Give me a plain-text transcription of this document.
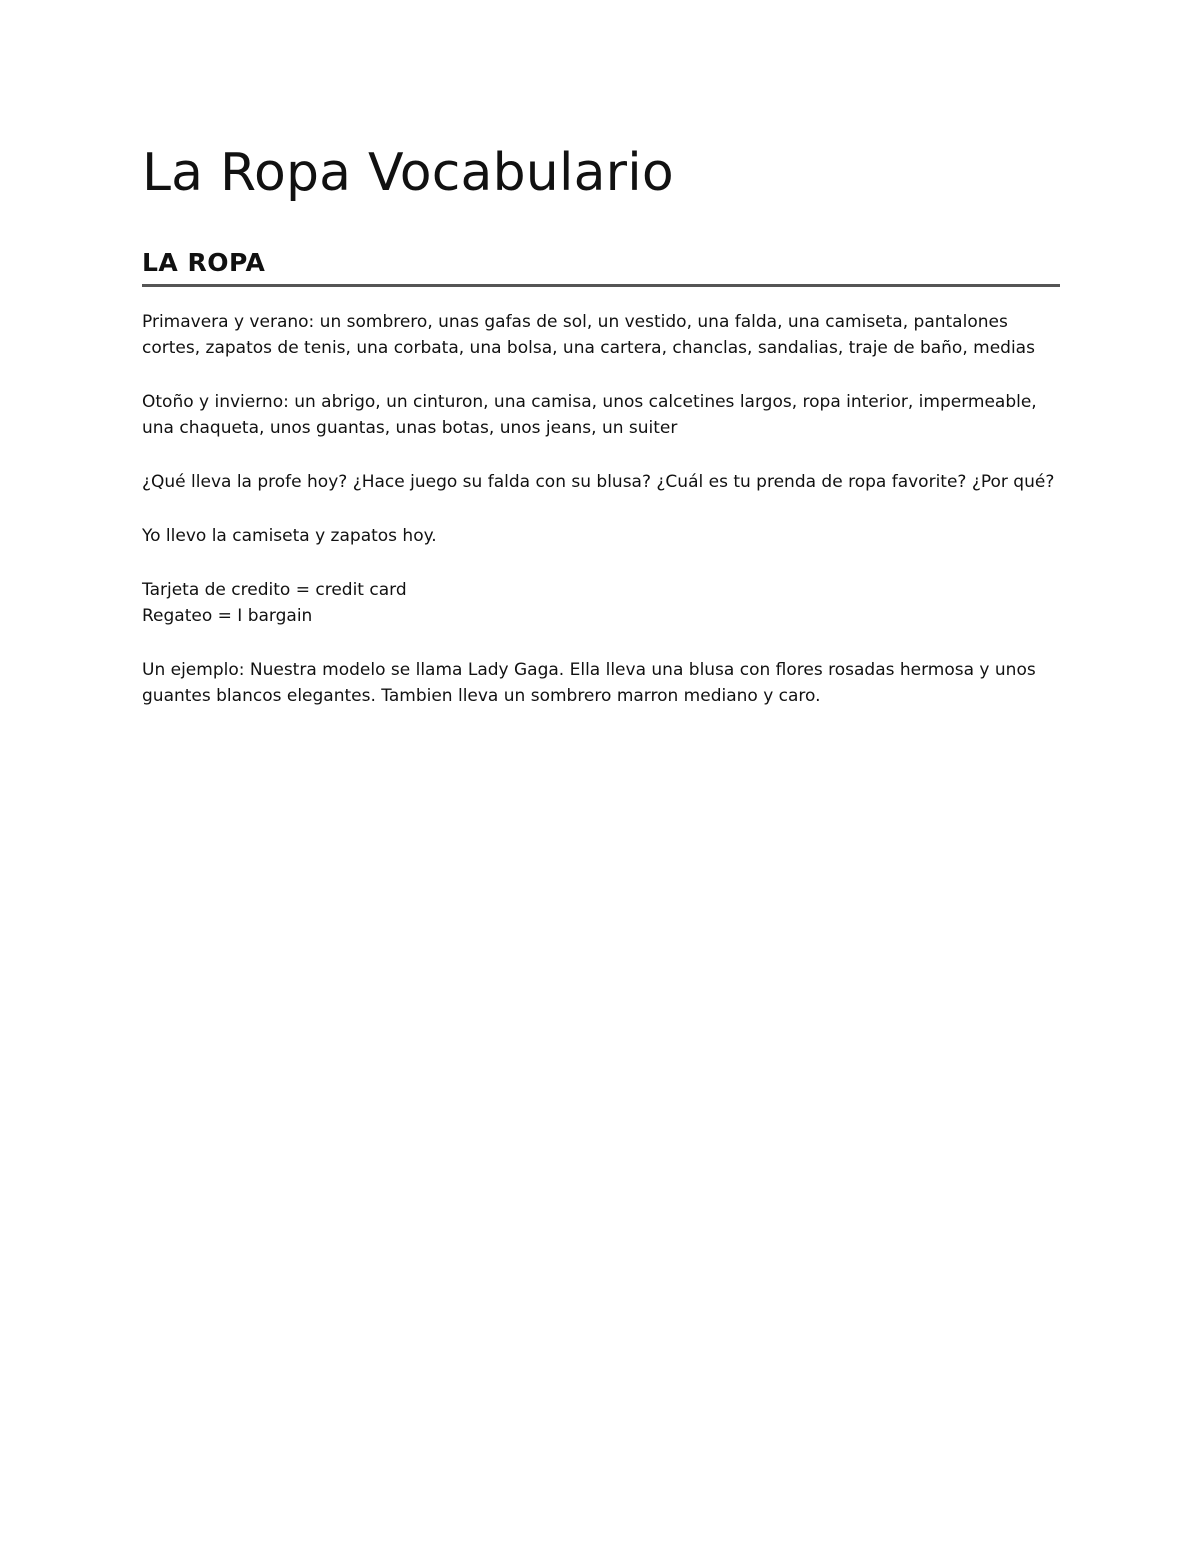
La Ropa Vocabulario
LA ROPA

Primavera y verano: un sombrero, unas gafas de sol, un vestido, una falda, una camiseta, pantalones cortes, zapatos de tenis, una corbata, una bolsa, una cartera, chanclas, sandalias, traje de baño, medias

Otoño y invierno: un abrigo, un cinturon, una camisa, unos calcetines largos, ropa interior, impermeable, una chaqueta, unos guantas, unas botas, unos jeans, un suiter

¿Qué lleva la profe hoy? ¿Hace juego su falda con su blusa? ¿Cuál es tu prenda de ropa favorite? ¿Por qué?

Yo llevo la camiseta y zapatos hoy.

Tarjeta de credito = credit card
Regateo = I bargain

Un ejemplo: Nuestra modelo se llama Lady Gaga. Ella lleva una blusa con flores rosadas hermosa y unos guantes blancos elegantes. Tambien lleva un sombrero marron mediano y caro.
